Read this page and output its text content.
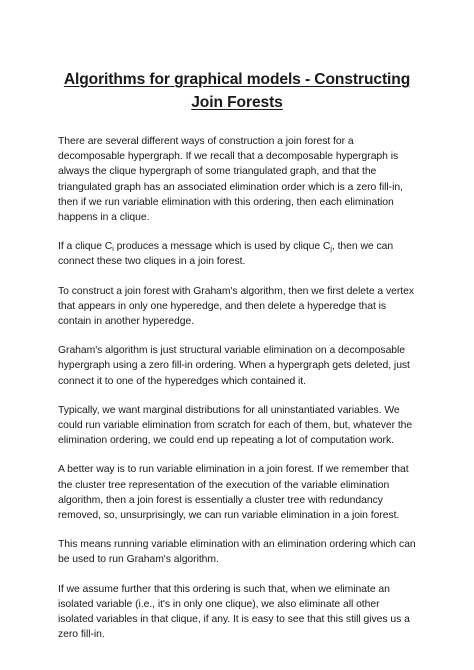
Algorithms for graphical models - Constructing Join Forests

There are several different ways of construction a join forest for a decomposable hypergraph. If we recall that a decomposable hypergraph is always the clique hypergraph of some triangulated graph, and that the triangulated graph has an associated elimination order which is a zero fill-in, then if we run variable elimination with this ordering, then each elimination happens in a clique.

If a clique $C_i$ produces a message which is used by clique $C_j$, then we can connect these two cliques in a join forest.

To construct a join forest with Graham's algorithm, then we first delete a vertex that appears in only one hyperedge, and then delete a hyperedge that is contain in another hyperedge.

Graham's algorithm is just structural variable elimination on a decomposable hypergraph using a zero fill-in ordering. When a hypergraph gets deleted, just connect it to one of the hyperedges which contained it.

Typically, we want marginal distributions for all uninstantiated variables. We could run variable elimination from scratch for each of them, but, whatever the elimination ordering, we could end up repeating a lot of computation work.

A better way is to run variable elimination in a join forest. If we remember that the cluster tree representation of the execution of the variable elimination algorithm, then a join forest is essentially a cluster tree with redundancy removed, so, unsurprisingly, we can run variable elimination in a join forest.

This means running variable elimination with an elimination ordering which can be used to run Graham's algorithm.

If we assume further that this ordering is such that, when we eliminate an isolated variable (i.e., it's in only one clique), we also eliminate all other isolated variables in that clique, if any. It is easy to see that this still gives us a zero fill-in.
